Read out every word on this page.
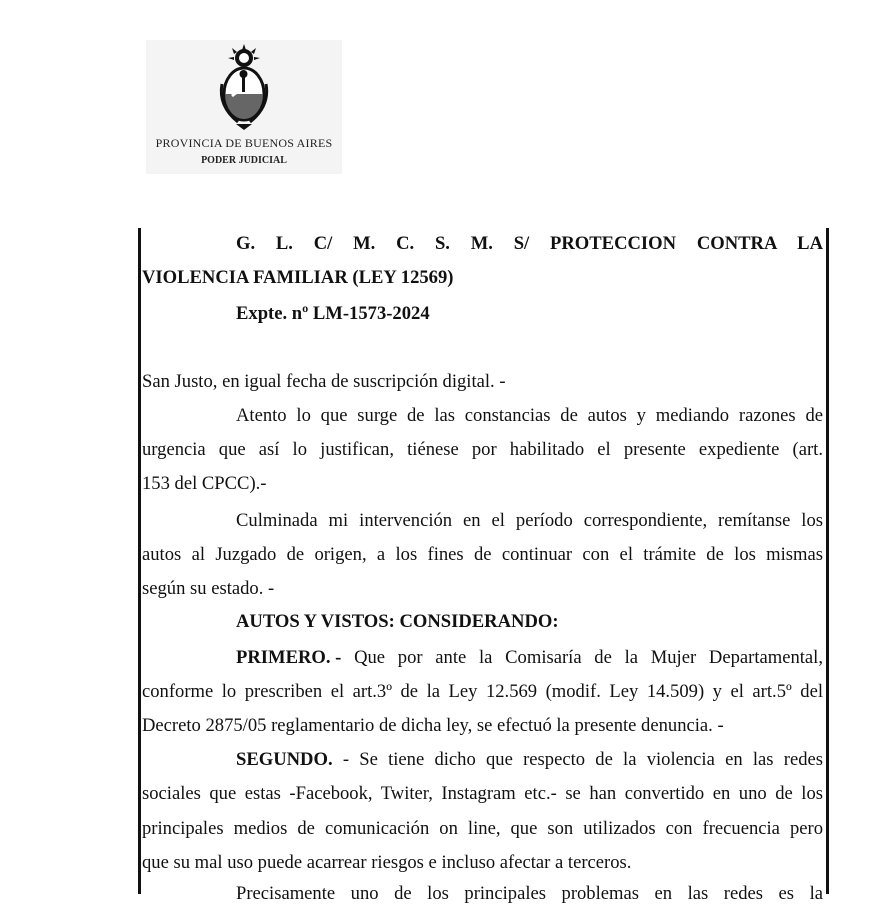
PROVINCIA DE BUENOS AIRES
PODER JUDICIAL
G. L. C/ M. C. S. M. S/ PROTECCION CONTRA LA
VIOLENCIA FAMILIAR (LEY 12569)
Expte. nº LM-1573-2024
San Justo, en igual fecha de suscripción digital. -
Atento lo que surge de las constancias de autos y mediando razones de
urgencia que así lo justifican, tiénese por habilitado el presente expediente (art.
153 del CPCC).-
Culminada mi intervención en el período correspondiente, remítanse los
autos al Juzgado de origen, a los fines de continuar con el trámite de los mismas
según su estado. -
AUTOS Y VISTOS: CONSIDERANDO:
PRIMERO. - Que por ante la Comisaría de la Mujer Departamental,
conforme lo prescriben el art.3º de la Ley 12.569 (modif. Ley 14.509) y el art.5º del
Decreto 2875/05 reglamentario de dicha ley, se efectuó la presente denuncia. -
SEGUNDO. - Se tiene dicho que respecto de la violencia en las redes
sociales que estas -Facebook, Twiter, Instagram etc.- se han convertido en uno de los
principales medios de comunicación on line, que son utilizados con frecuencia pero
que su mal uso puede acarrear riesgos e incluso afectar a terceros.
Precisamente uno de los principales problemas en las redes es la
